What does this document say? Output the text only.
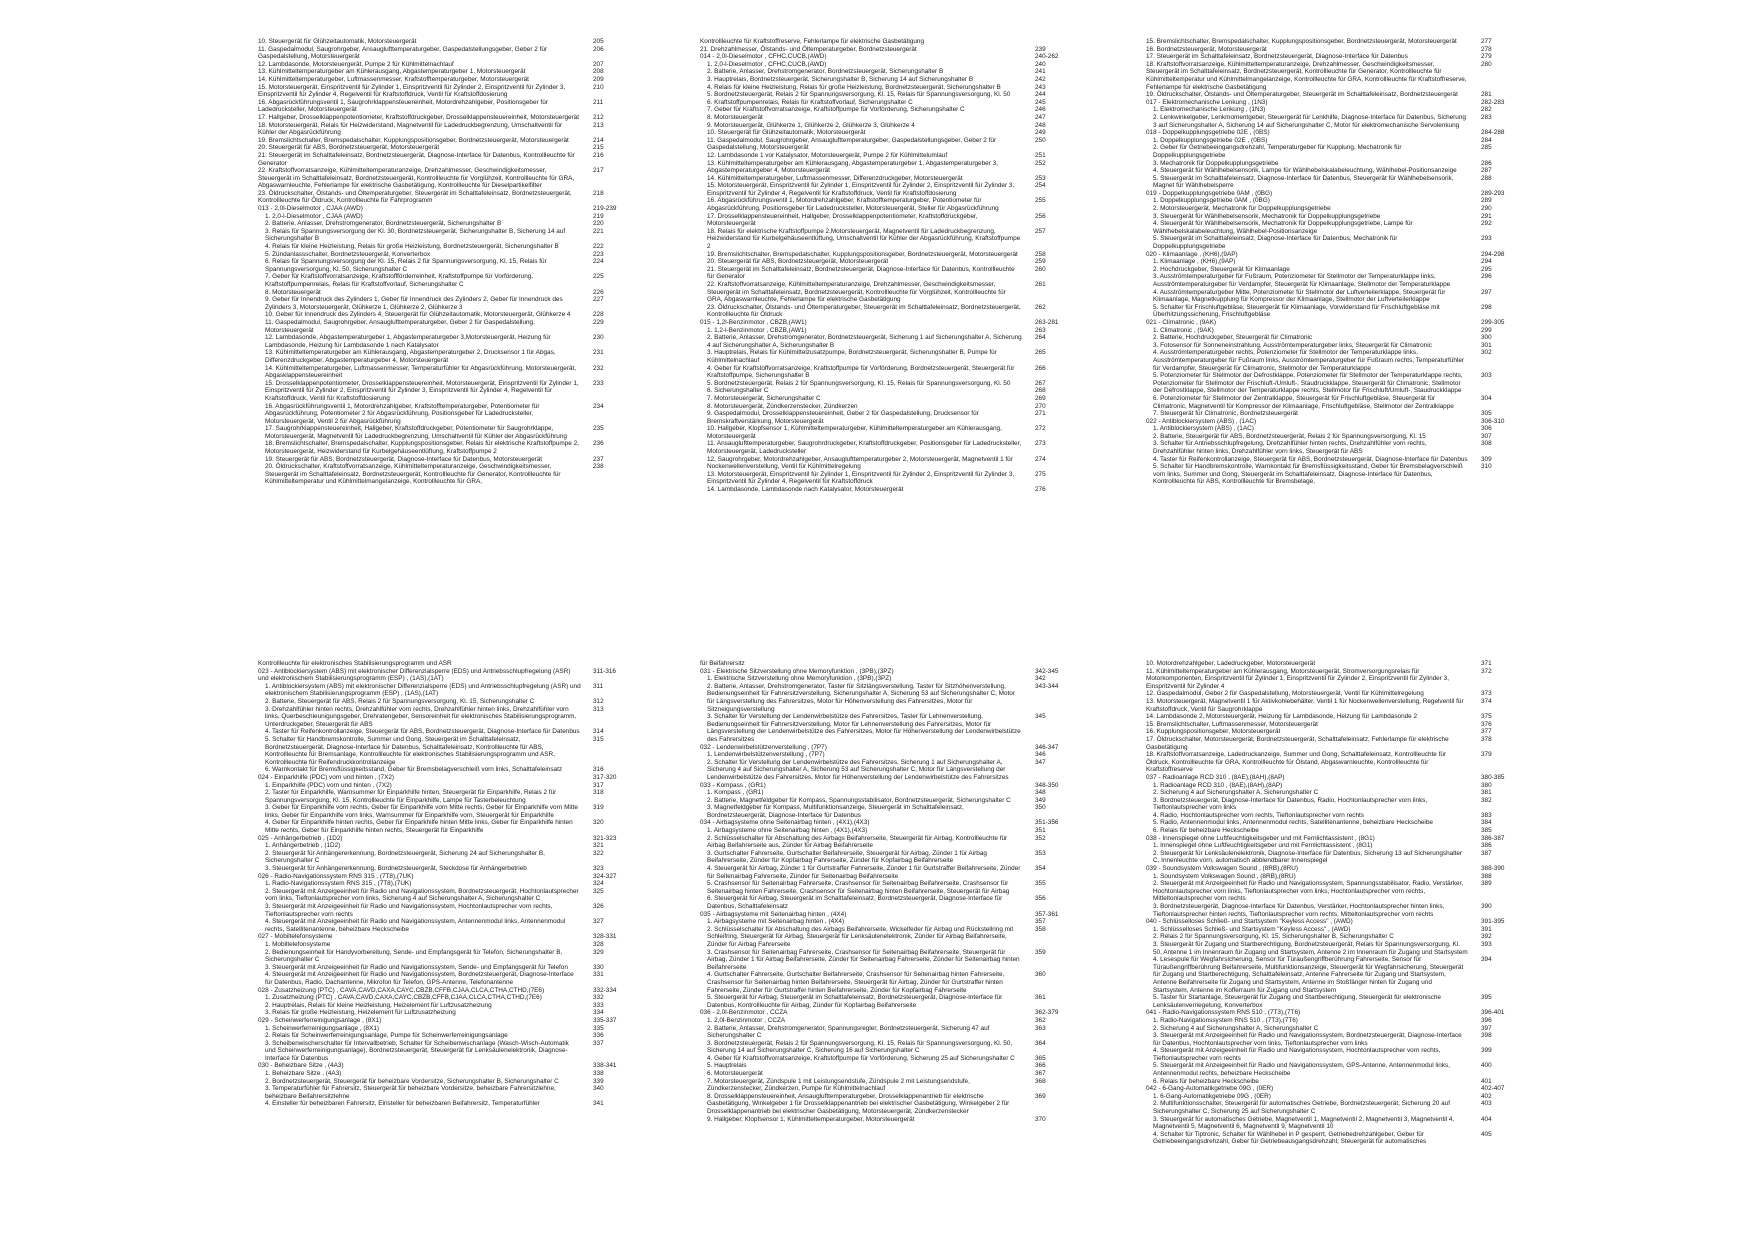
10. Steuergerät für Glühzeitautomatik, Motorsteuergerät	205
11. Gaspedalmodul, Saugrohrgeber, Ansauglufttemperaturgeber, Gaspedalstellungsgeber, Geber 2 für Gaspedalstellung, Motorsteuergerät
206
12. Lambdasonde, Motorsteuergerät, Pumpe 2 für Kühlmittelnachlauf	207
13. Kühlmitteltemperaturgeber am Kühlerausgang, Abgastemperaturgeber 1, Motorsteuergerät	208
14. Kühlmitteltemperaturgeber, Luftmassenmesser, Kraftstofftemperaturgeber, Motorsteuergerät	209
15. Motorsteuergerät, Einspritzventil für Zylinder 1, Einspritzventil für Zylinder 2, Einspritzventil für Zylinder 3, Einspritzventil für Zylinder 4, Regelventil für Kraftstoffdruck, Ventil für Kraftstoffdosierung
210
16. Abgasrückführungsventil 1, Saugrohrklappensteuereinheit, Motordrehzahlgeber, Positionsgeber für Ladedrucksteller, Motorsteuergerät
211
17. Hallgeber, Drosselklappenpotentiometer, Kraftstoffdruckgeber, Drosselklappensteuereinheit, Motorsteuergerät	212
18. Motorsteuergerät, Relais für Heizwiderstand, Magnetventil für Ladedruckbegrenzung, Umschaltventil für Kühler der Abgasrückführung
213
19. Bremslichtschalter, Bremspedalschalter, Kupplungspositionsgeber, Bordnetzsteuergerät, Motorsteuergerät	214
20. Steuergerät für ABS, Bordnetzsteuergerät, Motorsteuergerät	215
21. Steuergerät im Schalttafeleinsatz, Bordnetzsteuergerät, Diagnose-Interface für Datenbus, Kontrollleuchte für Generator
216
22. Kraftstoffvorratsanzeige, Kühlmitteltemperaturanzeige, Drehzahlmesser, Geschwindigkeitsmesser, Steuergerät im Schalttafeleinsatz, Bordnetzsteuergerät, Kontrollleuchte für Vorglühzeit, Kontrollleuchte für GRA, Abgaswarnleuchte, Fehlerlampe für elektrische Gasbetätigung, Kontrollleuchte für Dieselpartikelfilter
217
23. Öldruckschalter, Ölstands- und Öltemperaturgeber, Steuergerät im Schalttafeleinsatz, Bordnetzsteuergerät, Kontrollleuchte für Öldruck, Kontrollleuchte für Fahrprogramm
218
013 - 2,0l-Dieselmotor , CJAA (AWD)	219-239
1. 2,0-l-Dieselmotor , CJAA (AWD)	219
2. Batterie, Anlasser, Drehstromgenerator, Bordnetzsteuergerät, Sicherungshalter B	220
3. Relais für Spannungsversorgung der Kl. 30, Bordnetzsteuergerät, Sicherungshalter B, Sicherung 14 auf Sicherungshalter B
221
4. Relais für kleine Heizleistung, Relais für große Heizleistung, Bordnetzsteuergerät, Sicherungshalter B	222
5. Zündanlassschalter, Bordnetzsteuergerät, Konverterbox	223
6. Relais für Spannungsversorgung der Kl. 15, Relais 2 für Spannungsversorgung, Kl. 15, Relais für Spannungsversorgung, Kl. 50, Sicherungshalter C
224
7. Geber für Kraftstoffvorratsanzeige, Kraftstoffförderreinheit, Kraftstoffpumpe für Vorförderung, Kraftstoffpumpenrelais, Relais für Kraftstoffvorlauf, Sicherungshalter C
225
8. Motorsteuergerät	226
9. Geber für Innendruck des Zylinders 1, Geber für Innendruck des Zylinders 2, Geber für Innendruck des Zylinders 3, Motorsteuergerät, Glühkerze 1, Glühkerze 2, Glühkerze 3
227
10. Geber für Innendruck des Zylinders 4, Steuergerät für Glühzeitautomatik, Motorsteuergerät, Glühkerze 4	228
11. Gaspedalmodul, Saugrohrgeber, Ansauglufttemperaturgeber, Geber 2 für Gaspedalstellung, Motorsteuergerät
229
12. Lambdasonde, Abgastemperaturgeber 1, Abgastemperaturgeber 3,Motorsteuergerät, Heizung für Lambdasonde, Heizung für Lambdasonde 1 nach Katalysator
230
13. Kühlmitteltemperaturgeber am Kühlerausgang, Abgastemperaturgeber 2, Drucksensor 1 für Abgas, Differenzdruckgeber, Abgastemperaturgeber 4, Motorsteuergerät
231
14. Kühlmitteltemperaturgeber, Luftmassenmesser, Temperaturfühler für Abgasrückführung, Motorsteuergerät, Abgasklappensteuereinheit
232
15. Drosselklappenpotentiometer, Drosselklappensteuereinheit, Motorsteuergerät, Einspritzventil für Zylinder 1, Einspritzventil für Zylinder 2, Einspritzventil für Zylinder 3, Einspritzventil für Zylinder 4, Regelventil für Kraftstoffdruck, Ventil für Kraftstoffdosierung
233
16. Abgasrückführungsventil 1, Motordrehzahlgeber, Kraftstofftemperaturgeber, Potentiometer für Abgasrückführung, Potentiometer 2 für Abgasrückführung, Positionsgeber für Ladedrucksteller, Motorsteuergerät, Ventil 2 für Abgasrückführung
234
17. Saugrohrklappensteuereinheit, Hallgeber, Kraftstoffdruckgeber, Potentiometer für Saugrohrklappe, Motorsteuergerät, Magnetventil für Ladedruckbegrenzung, Umschaltventil für Kühler der Abgasrückführung
235
18. Bremslichtschalter, Bremspedalschalter, Kupplungspositionsgeber, Relais für elektrische Kraftstoffpumpe 2, Motorsteuergerät, Heizwiderstand für Kurbelgehäuseentlüftung, Kraftstoffpumpe 2
236
19. Steuergerät für ABS, Bordnetzsteuergerät, Diagnose-Interface für Datenbus, Motorsteuergerät	237
20. Öldruckschalter, Kraftstoffvorratsanzeige, Kühlmitteltemperaturanzeige, Geschwindigkeitsmesser, Steuergerät im Schalttafeleinsatz, Bordnetzsteuergerät, Kontrollleuchte für Generator, Kontrollleuchte für Kühlmitteltemperatur und Kühlmittelmangelanzeige, Kontrollleuchte für GRA,
238
Kontrollleuchte für Kraftstoffreserve, Fehlerlampe für elektrische Gasbetätigung
21. Drehzahlmesser, Ölstands- und Öltemperaturgeber, Bordnetzsteuergerät	239
014 - 2,0l-Dieselmotor , CFHC,CUCB,(AWD)	240-262
1. 2,0-l-Dieselmotor , CFHC,CUCB,(AWD)	240
2. Batterie, Anlasser, Drehstromgenerator, Bordnetzsteuergerät, Sicherungshalter B	241
3. Hauptrelais, Bordnetzsteuergerät, Sicherungshalter B, Sicherung 14 auf Sicherungshalter B	242
4. Relais für kleine Heizleistung, Relais für große Heizleistung, Bordnetzsteuergerät, Sicherungshalter B	243
5. Bordnetzsteuergerät, Relais 2 für Spannungsversorgung, Kl. 15, Relais für Spannungsversorgung, Kl. 50	244
6. Kraftstoffpumpenrelais, Relais für Kraftstoffvorlauf, Sicherungshalter C	245
7. Geber für Kraftstoffvorratsanzeige, Kraftstoffpumpe für Vorförderung, Sicherungshalter C	246
8. Motorsteuergerät	247
9. Motorsteuergerät, Glühkerze 1, Glühkerze 2, Glühkerze 3, Glühkerze 4	248
10. Steuergerät für Glühzeitautomatik, Motorsteuergerät	249
11. Gaspedalmodul, Saugrohrgeber, Ansauglufttemperaturgeber, Gaspedalstellungsgeber, Geber 2 für Gaspedalstellung, Motorsteuergerät
250
12. Lambdasonde 1 vor Katalysator, Motorsteuergerät, Pumpe 2 für Kühlmittelumlauf	251
13. Kühlmitteltemperaturgeber am Kühlerausgang, Abgastemperaturgeber 1, Abgastemperaturgeber 3, Abgastemperaturgeber 4, Motorsteuergerät
252
14. Kühlmitteltemperaturgeber, Luftmassenmesser, Differenzdruckgeber, Motorsteuergerät	253
15. Motorsteuergerät, Einspritzventil für Zylinder 1, Einspritzventil für Zylinder 2, Einspritzventil für Zylinder 3, Einspritzventil für Zylinder 4, Regelventil für Kraftstoffdruck, Ventil für Kraftstoffdosierung
254
16. Abgasrückführungsventil 1, Motordrehzahlgeber, Kraftstofftemperaturgeber, Potentiometer für Abgasrückführung, Positionsgeber für Ladedrucksteller, Motorsteuergerät, Steller für Abgasrückführung
255
17. Drosselklappensteuereinheit, Hallgeber, Drosselklappenpotentiometer, Kraftstoffdruckgeber, Motorsteuergerät
256
18. Relais für elektrische Kraftstoffpumpe 2,Motorsteuergerät, Magnetventil für Ladedruckbegrenzung, Heizwiderstand für Kurbelgehäuseentlüftung, Umschaltventil für Kühler der Abgasrückführung, Kraftstoffpumpe 2
257
19. Bremslichtschalter, Bremspedalschalter, Kupplungspositionsgeber, Bordnetzsteuergerät, Motorsteuergerät	258
20. Steuergerät für ABS, Bordnetzsteuergerät, Motorsteuergerät	259
21. Steuergerät im Schalttafeleinsatz, Bordnetzsteuergerät, Diagnose-Interface für Datenbus, Kontrollleuchte für Generator
260
22. Kraftstoffvorratsanzeige, Kühlmitteltemperaturanzeige, Drehzahlmesser, Geschwindigkeitsmesser, Steuergerät im Schalttafeleinsatz, Bordnetzsteuergerät, Kontrollleuchte für Vorglühzeit, Kontrollleuchte für GRA, Abgaswarnleuchte, Fehlerlampe für elektrische Gasbetätigung
261
23. Öldruckschalter, Ölstands- und Öltemperaturgeber, Steuergerät im Schalttafeleinsatz, Bordnetzsteuergerät, Kontrollleuchte für Öldruck
262
015 - 1,2l-Benzinmotor , CBZB,(AW1)	263-281
1. 1,2-l-Benzinmotor , CBZB,(AW1)	263
2. Batterie, Anlasser, Drehstromgenerator, Bordnetzsteuergerät, Sicherung 1 auf Sicherungshalter A, Sicherung 4 auf Sicherungshalter A, Sicherungshalter B
264
3. Hauptrelais, Relais für Kühlmittelzusatzpumpe, Bordnetzsteuergerät, Sicherungshalter B, Pumpe für Kühlmittelnachlauf
265
4. Geber für Kraftstoffvorratsanzeige, Kraftstoffpumpe für Vorförderung, Bordnetzsteuergerät, Steuergerät für Kraftstoffpumpe, Sicherungshalter B
266
5. Bordnetzsteuergerät, Relais 2 für Spannungsversorgung, Kl. 15, Relais für Spannungsversorgung, Kl. 50	267
6. Sicherungshalter C	268
7. Motorsteuergerät, Sicherungshalter C	269
8. Motorsteuergerät, Zündkerzenstecker, Zündkerzen	270
9. Gaspedalmodul, Drosselklappensteuereinheit, Geber 2 für Gaspedalstellung, Drucksensor für Bremskraftverstärkung, Motorsteuergerät
271
10. Hallgeber, Klopfsensor 1, Kühlmitteltemperaturgeber, Kühlmitteltemperaturgeber am Kühlerausgang, Motorsteuergerät
272
11. Ansauglufttemperaturgeber, Saugrohrdruckgeber, Kraftstoffdruckgeber, Positionsgeber für Ladedrucksteller, Motorsteuergerät, Ladedrucksteller
273
12. Saugrohrgeber, Motordrehzahlgeber, Ansauglufttemperaturgeber 2, Motorsteuergerät, Magnetventil 1 für Nockenwellenverstellung, Ventil für Kühlmittelregelung
274
13. Motorsteuergerät, Einspritzventil für Zylinder 1, Einspritzventil für Zylinder 2, Einspritzventil für Zylinder 3, Einspritzventil für Zylinder 4, Regelventil für Kraftstoffdruck
275
14. Lambdasonde, Lambdasonde nach Katalysator, Motorsteuergerät	276
15. Bremslichtschalter, Bremspedalschalter, Kupplungspositionsgeber, Bordnetzsteuergerät, Motorsteuergerät	277
16. Bordnetzsteuergerät, Motorsteuergerät	278
17. Steuergerät im Schalttafeleinsatz, Bordnetzsteuergerät, Diagnose-Interface für Datenbus	279
18. Kraftstoffvorratsanzeige, Kühlmitteltemperaturanzeige, Drehzahlmesser, Geschwindigkeitsmesser, Steuergerät im Schalttafeleinsatz, Bordnetzsteuergerät, Kontrollleuchte für Generator, Kontrollleuchte für Kühlmitteltemperatur und Kühlmittelmangelanzeige, Kontrollleuchte für GRA, Kontrollleuchte für Kraftstoffreserve, Fehlerlampe für elektrische Gasbetätigung
280
19. Öldruckschalter, Ölstands- und Öltemperaturgeber, Steuergerät im Schalttafeleinsatz, Bordnetzsteuergerät	281
017 - Elektromechanische Lenkung , (1N3)	282-283
1. Elektromechanische Lenkung , (1N3)	282
2. Lenkwinkelgeber, Lenkmomentgeber, Steuergerät für Lenkhilfe, Diagnose-Interface für Datenbus, Sicherung 3 auf Sicherungshalter A, Sicherung 14 auf Sicherungshalter C, Motor für elektromechanische Servolenkung
283
018 - Doppelkupplungsgetriebe 02E , (0BS)	284-288
1. Doppelkupplungsgetriebe 02E , (0BS)	284
2. Geber für Getriebeeingangsdrehzahl, Temperaturgeber für Kupplung, Mechatronik für Doppelkupplungsgetriebe
285
3. Mechatronik für Doppelkupplungsgetriebe	286
4. Steuergerät für Wählhebelsensorik, Lampe für Wählhebelskalabeleuchtung, Wählhebel-Positionsanzeige	287
5. Steuergerät im Schalttafeleinsatz, Diagnose-Interface für Datenbus, Steuergerät für Wählhebelsensorik, Magnet für Wählhebelsperre
288
019 - Doppelkupplungsgetriebe 0AM , (0BG)	289-293
1. Doppelkupplungsgetriebe 0AM , (0BG)	289
2. Motorsteuergerät, Mechatronik für Doppelkupplungsgetriebe	290
3. Steuergerät für Wählhebelsensorik, Mechatronik für Doppelkupplungsgetriebe	291
4. Steuergerät für Wählhebelsensorik, Mechatronik für Doppelkupplungsgetriebe, Lampe für Wählhebelskalabeleuchtung, Wählhebel-Positionsanzeige
292
5. Steuergerät im Schalttafeleinsatz, Diagnose-Interface für Datenbus, Mechatronik für Doppelkupplungsgetriebe
293
020 - Klimaanlage , (KH6),(9AP)	294-298
1. Klimaanlage , (KH6),(9AP)	294
2. Hochdruckgeber, Steuergerät für Klimaanlage	295
3. Ausströmtemperaturgeber für Fußraum, Potenziometer für Stellmotor der Temperaturklappe links, Ausströmtemperaturgeber für Verdampfer, Steuergerät für Klimaanlage, Stellmotor der Temperaturklappe
296
4. Ausströmtemperaturgeber Mitte, Potenziometer für Stellmotor der Luftverteilerklappe, Steuergerät für Klimaanlage, Magnetkupplung für Kompressor der Klimaanlage, Stellmotor der Luftverteilerklappe
297
5. Schalter für Frischluftgebläse, Steuergerät für Klimaanlage, Vorwiderstand für Frischluftgebläse mit Überhitzungssicherung, Frischluftgebläse
298
021 - Climatronic , (9AK)	299-305
1. Climatronic , (9AK)	299
2. Batterie, Hochdruckgeber, Steuergerät für Climatronic	300
3. Fotosensor für Sonneneinstrahlung, Ausströmtemperaturgeber links, Steuergerät für Climatronic	301
4. Ausströmtemperaturgeber rechts, Potenziometer für Stellmotor der Temperaturklappe links, Ausströmtemperaturgeber für Fußraum links, Ausströmtemperaturgeber für Fußraum rechts, Temperaturfühler für Verdampfer, Steuergerät für Climatronic, Stellmotor der Temperaturklappe
302
5. Potenziometer für Stellmotor der Defrostklappe, Potenziometer für Stellmotor der Temperaturklappe rechts, Potenziometer für Stellmotor der Frischluft-/Umluft-, Staudruckklappe, Steuergerät für Climatronic, Stellmotor der Defrostklappe, Stellmotor der Temperaturklappe rechts, Stellmotor für Frischluft/Umluft-, Staudruckklappe
303
6. Potenziometer für Stellmotor der Zentralklappe, Steuergerät für Frischluftgebläse, Steuergerät für Climatronic, Magnetventil für Kompressor der Klimaanlage, Frischluftgebläse, Stellmotor der Zentralklappe
304
7. Steuergerät für Climatronic, Bordnetzsteuergerät	305
022 - Antiblockiersystem (ABS) , (1AC)	306-310
1. Antiblockiersystem (ABS) , (1AC)	306
2. Batterie, Steuergerät für ABS, Bordnetzsteuergerät, Relais 2 für Spannungsversorgung, Kl. 15	307
3. Schalter für Antriebsschlupfregelung, Drehzahlfühler hinten rechts, Drehzahlfühler vorn rechts, Drehzahlfühler hinten links, Drehzahlfühler vorn links, Steuergerät für ABS
308
4. Taster für Reifenkontrollanzeige, Steuergerät für ABS, Bordnetzsteuergerät, Diagnose-Interface für Datenbus 309
5. Schalter für Handbremskontrolle, Warnkontakt für Bremsflüssigkeitsstand, Geber für Bremsbelagverschleiß vorn links, Summer und Gong, Steuergerät im Schalttafeleinsatz, Diagnose-Interface für Datenbus, Kontrollleuchte für ABS, Kontrollleuchte für Bremsbelage,
310
Kontrollleuchte für elektronisches Stabilisierungsprogramm und ASR
023 - Antiblockiersystem (ABS) mit elektronischer Differenzialsperre (EDS) und Antriebsschlupfregelung (ASR) und elektronischem Stabilisierungsprogramm (ESP) , (1AS),(1AT)
311-316
1. Antiblockiersystem (ABS) mit elektronischer Differenzialsperre (EDS) und Antriebsschlupfregelung (ASR) und elektronischem Stabilisierungsprogramm (ESP) , (1AS),(1AT)
311
2. Batterie, Steuergerät für ABS, Relais 2 für Spannungsversorgung, Kl. 15, Sicherungshalter C	312
3. Drehzahlfühler hinten rechts, Drehzahlfühler vorn rechts, Drehzahlfühler hinten links, Drehzahlfühler vorn links, Querbeschleunigungsgeber, Drehratengeber, Sensoreinheit für elektronisches Stabilisierungsprogramm, Unterdruckgeber, Steuergerät für ABS
313
4. Taster für Reifenkontrollanzeige, Steuergerät für ABS, Bordnetzsteuergerät, Diagnose-Interface für Datenbus 314
5. Schalter für Handbremskontrolle, Summer und Gong, Steuergerät im Schalttafeleinsatz, Bordnetzsteuergerät, Diagnose-Interface für Datenbus, Schalttafeleinsatz, Kontrollleuchte für ABS, Kontrollleuchte für Bremsanlage, Kontrollleuchte für elektronisches Stabilisierungsprogramm und ASR, Kontrollleuchte für Reifendruckkontrollanzeige
315
6. Warnkontakt für Bremsflüssigkeitsstand, Geber für Bremsbelagverschleiß vorn links, Schalttafeleinsatz	316
024 - Einparkhilfe (PDC) vorn und hinten , (7X2)	317-320
1. Einparkhilfe (PDC) vorn und hinten , (7X2)	317
2. Taster für Einparkhilfe, Warnsummer für Einparkhilfe hinten, Steuergerät für Einparkhilfe, Relais 2 für Spannungsversorgung, Kl. 15, Kontrollleuchte für Einparkhilfe, Lampe für Tasterbeleuchtung
318
3. Geber für Einparkhilfe vorn rechts, Geber für Einparkhilfe vorn Mitte rechts, Geber für Einparkhilfe vorn Mitte links, Geber für Einparkhilfe vorn links, Warnsummer für Einparkhilfe vorn, Steuergerät für Einparkhilfe
319
4. Geber für Einparkhilfe hinten rechts, Geber für Einparkhilfe hinten Mitte links, Geber für Einparkhilfe hinten Mitte rechts, Geber für Einparkhilfe hinten rechts, Steuergerät für Einparkhilfe
320
025 - Anhängerbetrieb , (1D2)	321-323
1. Anhängerbetrieb , (1D2)	321
2. Steuergerät für Anhängererkennung, Bordnetzsteuergerät, Sicherung 24 auf Sicherungshalter B, Sicherungshalter C
322
3. Steuergerät für Anhängererkennung, Bordnetzsteuergerät, Steckdose für Anhängerbetrieb	323
026 - Radio-Navigationssystem RNS 315 , (7T8),(7UK)	324-327
1. Radio-Navigationssystem RNS 315 , (7T8),(7UK)	324
2. Steuergerät mit Anzeigeeinheit für Radio und Navigationssystem, Bordnetzsteuergerät, Hochtonlautsprecher vorn links, Tieftonlautsprecher vorn links, Sicherung 4 auf Sicherungshalter A, Sicherungshalter C
325
3. Steuergerät mit Anzeigeeinheit für Radio und Navigationssystem, Hochtonlautsprecher vorn rechts, Tieftonlautsprecher vorn rechts
326
4. Steuergerät mit Anzeigeeinheit für Radio und Navigationssystem, Antennenmodul links, Antennenmodul rechts, Satellitenantenne, beheizbare Heckscheibe
327
027 - Mobiltelefonsysteme	328-331
1. Mobiltelefonsysteme	328
2. Bedienungseinheit für Handyvorbereitung, Sende- und Empfangsgerät für Telefon, Sicherungshalter B, Sicherungshalter C
329
3. Steuergerät mit Anzeigeeinheit für Radio und Navigationssystem, Sende- und Empfangsgerät für Telefon	330
4. Steuergerät mit Anzeigeeinheit für Radio und Navigationssystem, Bordnetzsteuergerät, Diagnose-Interface für Datenbus, Radio, Dachantenne, Mikrofon für Telefon, GPS-Antenne, Telefonantenne
331
028 - Zusatzheizung (PTC) , CAVA,CAVD,CAXA,CAYC,CBZB,CFFB,CJAA,CLCA,CTHA,CTHD,(7E6)	332-334
1. Zusatzheizung (PTC) , CAVA,CAVD,CAXA,CAYC,CBZB,CFFB,CJAA,CLCA,CTHA,CTHD,(7E6)	332
2. Hauptrelais, Relais für kleine Heizleistung, Heizelement für Luftzusatzheizung	333
3. Relais für große Heizleistung, Heizelement für Luftzusatzheizung	334
029 - Scheinwerferreinigungsanlage , (8X1)	335-337
1. Scheinwerferreinigungsanlage , (8X1)	335
2. Relais für Scheinwerferreinigungsanlage, Pumpe für Scheinwerferreinigungsanlage	336
3. Scheibenwischerschalter für Intervallbetrieb, Schalter für Scheibenwischanlage (Wasch-Wisch-Automatik und Scheinwerferreinigungsanlage), Bordnetzsteuergerät, Steuergerät für Lenksäulenelektronik, Diagnose-Interface für Datenbus
337
030 - Beheizbare Sitze , (4A3)	338-341
1. Beheizbare Sitze , (4A3)	338
2. Bordnetzsteuergerät, Steuergerät für beheizbare Vordersitze, Sicherungshalter B, Sicherungshalter C	339
3. Temperaturfühler für Fahrersitz, Steuergerät für beheizbare Vordersitze, beheizbare Fahrersitzlehne, beheizbare Beifahrersitzlehne
340
4. Einsteller für beheizbaren Fahrersitz, Einsteller für beheizbaren Beifahrersitz, Temperaturfühler	341
für Beifahrersitz
031 - Elektrische Sitzverstellung ohne Memoryfunktion , (3PB),(3PZ)	342-345
1. Elektrische Sitzverstellung ohne Memoryfunktion , (3PB),(3PZ)	342
2. Batterie, Anlasser, Drehstromgenerator, Taster für Sitzlängsverstellung, Taster für Sitzhöhenverstellung, Bedienungseinheit für Fahrersitzverstellung, Sicherungshalter A, Sicherung 53 auf Sicherungshalter C, Motor für Längsverstellung des Fahrersitzes, Motor für Höhenverstellung des Fahrersitzes, Motor für Sitzneigungsverstellung
343-344
3. Schalter für Verstellung der Lendenwirbelstütze des Fahrersitzes, Taster für Lehnenverstellung, Bedienungseinheit für Fahrersitzverstellung, Motor für Lehnenverstellung des Fahrersitzes, Motor für Längsverstellung der Lendenwirbelstütze des Fahrersitzes, Motor für Höhenverstellung der Lendenwirbelstütze des Fahrersitzes
345
032 - Lendenwirbelstützenverstellung , (7P7)	346-347
1. Lendenwirbelstützenverstellung , (7P7)	346
2. Schalter für Verstellung der Lendenwirbelstütze des Fahrersitzes, Sicherung 1 auf Sicherungshalter A, Sicherung 4 auf Sicherungshalter A, Sicherung 53 auf Sicherungshalter C, Motor für Längsverstellung der Lendenwirbelstütze des Fahrersitzes, Motor für Höhenverstellung der Lendenwirbelstütze des Fahrersitzes
347
033 - Kompass , (GR1)	348-350
1. Kompass , (GR1)	348
2. Batterie, Magnetfeldgeber für Kompass, Spannungsstabilisator, Bordnetzsteuergerät, Sicherungshalter C	349
3. Magnetfeldgeber für Kompass, Multifunktionsanzeige, Steuergerät im Schalttafeleinsatz, Bordnetzsteuergerät, Diagnose-Interface für Datenbus
350
034 - Airbagsysteme ohne Seitenairbag hinten , (4X1),(4X3)	351-356
1. Airbagsysteme ohne Seitenairbag hinten , (4X1),(4X3)	351
2. Schlüsselschalter für Abschaltung des Airbags Beifahrerseite, Steuergerät für Airbag, Kontrollleuchte für Airbag Beifahrerseite aus, Zünder für Airbag Beifahrerseite
352
3. Gurtschalter Fahrerseite, Gurtschalter Beifahrerseite, Steuergerät für Airbag, Zünder 1 für Airbag Beifahrerseite, Zünder für Kopfairbag Fahrerseite, Zünder für Kopfairbag Beifahrerseite
353
4. Steuergerät für Airbag, Zünder 1 für Gurtstraffer Fahrerseite, Zünder 1 für Gurtstraffer Beifahrerseite, Zünder für Seitenairbag Fahrerseite, Zünder für Seitenairbag Beifahrerseite
354
5. Crashsensor für Seitenairbag Fahrerseite, Crashsensor für Seitenairbag Beifahrerseite, Crashsensor für Seitenairbag hinten Fahrerseite, Crashsensor für Seitenairbag hinten Beifahrerseite, Steuergerät für Airbag
355
6. Steuergerät für Airbag, Steuergerät im Schalttafeleinsatz, Bordnetzsteuergerät, Diagnose-Interface für Datenbus, Schalttafeleinsatz
356
035 - Airbagsysteme mit Seitenairbag hinten , (4X4)	357-361
1. Airbagsysteme mit Seitenairbag hinten , (4X4)	357
2. Schlüsselschalter für Abschaltung des Airbags Beifahrerseite, Wickelfeder für Airbag und Rückstellring mit Schleifring, Steuergerät für Airbag, Steuergerät für Lenksäulenelektronik, Zünder für Airbag Beifahrerseite, Zünder für Airbag Fahrerseite
358
3. Crashsensor für Seitenairbag Fahrerseite, Crashsensor für Seitenairbag Beifahrerseite, Steuergerät für Airbag, Zünder 1 für Airbag Beifahrerseite, Zünder für Seitenairbag Fahrerseite, Zünder für Seitenairbag hinten Beifahrerseite
359
4. Gurtschalter Fahrerseite, Gurtschalter Beifahrerseite, Crashsensor für Seitenairbag hinten Fahrerseite, Crashsensor für Seitenairbag hinten Beifahrerseite, Steuergerät für Airbag, Zünder für Gurtstraffer hinten Fahrerseite, Zünder für Gurtstraffer hinten Beifahrerseite, Zünder für Kopfairbag Fahrerseite
360
5. Steuergerät für Airbag, Steuergerät im Schalttafeleinsatz, Bordnetzsteuergerät, Diagnose-Interface für Datenbus, Kontrollleuchte für Airbag, Zünder für Kopfairbag Beifahrerseite
361
036 - 2,0l-Benzinmotor , CCZA	362-379
1. 2,0l-Benzinmotor , CCZA	362
2. Batterie, Anlasser, Drehstromgenerator, Spannungsregler, Bordnetzsteuergerät, Sicherung 47 auf Sicherungshalter C
363
3. Bordnetzsteuergerät, Relais 2 für Spannungsversorgung, Kl. 15, Relais für Spannungsversorgung, Kl. 50, Sicherung 14 auf Sicherungshalter C, Sicherung 16 auf Sicherungshalter C
364
4. Geber für Kraftstoffvorratsanzeige, Kraftstoffpumpe für Vorförderung, Sicherung 25 auf Sicherungshalter C	365
5. Hauptrelais	366
6. Motorsteuergerät	367
7. Motorsteuergerät, Zündspule 1 mit Leistungsendstufe, Zündspule 2 mit Leistungsendstufe, Zündkerzenstecker, Zündkerzen, Pumpe für Kühlmittelnachlauf
368
8. Drosselklappensteuereinheit, Ansauglufttemperaturgeber, Drosselklappenantrieb für elektrische Gasbetätigung, Winkelgeber 1 für Drosselklappenantrieb bei elektrischer Gasbetätigung, Winkelgeber 2 für Drosselklappenantrieb bei elektrischer Gasbetätigung, Motorsteuergerät, Zündkerzenstecker
369
9. Hallgeber, Klopfsensor 1, Kühlmitteltemperaturgeber, Motorsteuergerät	370
10. Motordrehzahlgeber, Ladedruckgeber, Motorsteuergerät	371
11. Kühlmitteltemperaturgeber am Kühlerausgang, Motorsteuergerät, Stromversorgungsrelais für Motorkomponenten, Einspritzventil für Zylinder 1, Einspritzventil für Zylinder 2, Einspritzventil für Zylinder 3, Einspritzventil für Zylinder 4
372
12. Gaspedalmodul, Geber 2 für Gaspedalstellung, Motorsteuergerät, Ventil für Kühlmittelregelung	373
13. Motorsteuergerät, Magnetventil 1 für Aktivkohlebehälter, Ventil 1 für Nockenwellenverstellung, Regelventil für Kraftstoffdruck, Ventil für Saugrohrklappe
374
14. Lambdasonde 2, Motorsteuergerät, Heizung für Lambdasonde, Heizung für Lambdasonde 2	375
15. Bremslichtschalter, Luftmassenmesser, Motorsteuergerät	376
16. Kupplungspositionsgeber, Motorsteuergerät	377
17. Öldruckschalter, Motorsteuergerät, Bordnetzsteuergerät, Schalttafeleinsatz, Fehlerlampe für elektrische Gasbetätigung
378
18. Kraftstoffvorratsanzeige, Ladedruckanzeige, Summer und Gong, Schalttafeleinsatz, Kontrollleuchte für Öldruck, Kontrollleuchte für GRA, Kontrollleuchte für Ölstand, Abgaswarnleuchte, Kontrollleuchte für Kraftstoffreserve
379
037 - Radioanlage RCD 310 , (8AE),(8AH),(8AP)	380-385
1. Radioanlage RCD 310 , (8AE),(8AH),(8AP)	380
2. Sicherung 4 auf Sicherungshalter A, Sicherungshalter C	381
3. Bordnetzsteuergerät, Diagnose-Interface für Datenbus, Radio, Hochtonlautsprecher vorn links, Tieftonlautsprecher vorn links
382
4. Radio, Hochtonlautsprecher vorn rechts, Tieftonlautsprecher vorn rechts	383
5. Radio, Antennenmodul links, Antennenmodul rechts, Satellitenantenne, beheizbare Heckscheibe	384
6. Relais für beheizbare Heckscheibe	385
038 - Innenspiegel ohne Luftfeuchtigkeitsgeber und mit Fernlichtassistent , (8G1)	386-387
1. Innenspiegel ohne Luftfeuchtigkeitsgeber und mit Fernlichtassistent , (8G1)	386
2. Steuergerät für Lenksäulenelektronik, Diagnose-Interface für Datenbus, Sicherung 13 auf Sicherungshalter C, Innenleuchte vorn, automatisch abblendbarer Innenspiegel
387
039 - Soundsystem Volkswagen Sound , (8RB),(8RU)	388-390
1. Soundsystem Volkswagen Sound , (8RB),(8RU)	388
2. Steuergerät mit Anzeigeeinheit für Radio und Navigationssystem, Spannungsstabilisator, Radio, Verstärker, Hochtonlautsprecher vorn links, Tieftonlautsprecher vorn links, Hochtonlautsprecher vorn rechts, Mitteltonlautsprecher vorn rechts
389
3. Bordnetzsteuergerät, Diagnose-Interface für Datenbus, Verstärker, Hochtonlautsprecher hinten links, Tieftonlautsprecher hinten rechts, Tieftonlautsprecher vorn rechts, Mitteltonlautsprecher vorn rechts
390
040 - Schlüsselloses Schließ- und Startsystem "Keyless Access" , (AWD)	391-395
1. Schlüsselloses Schließ- und Startsystem "Keyless Access" , (AWD)	391
2. Relais 2 für Spannungsversorgung, Kl. 15, Sicherungshalter B, Sicherungshalter C	392
3. Steuergerät für Zugang und Startberechtigung, Bordnetzsteuergerät, Relais für Spannungsversorgung, Kl. 50, Antenne 1 im Innenraum für Zugang und Startsystem, Antenne 2 im Innenraum für Zugang und Startsystem
393
4. Lesespule für Wegfahrsicherung, Sensor für Türaußengriffberührung Fahrerseite, Sensor für Türaußengriffberührung Beifahrerseite, Multifunktionsanzeige, Steuergerät für Wegfahrsicherung, Steuergerät für Zugang und Startberechtigung, Schalttafeleinsatz, Antenne Fahrerseite für Zugang und Startsystem, Antenne Beifahrerseite für Zugang und Startsystem, Antenne im Stoßfänger hinten für Zugang und Startsystem, Antenne im Kofferraum für Zugang und Startsystem
394
5. Taster für Startanlage, Steuergerät für Zugang und Startberechtigung, Steuergerät für elektronische Lenksäulenverriegelung, Konverterbox
395
041 - Radio-Navigationssystem RNS 510 , (7T3),(7T6)	396-401
1. Radio-Navigationssystem RNS 510 , (7T3),(7T6)	396
2. Sicherung 4 auf Sicherungshalter A, Sicherungshalter C	397
3. Steuergerät mit Anzeigeeinheit für Radio und Navigationssystem, Bordnetzsteuergerät, Diagnose-Interface für Datenbus, Hochtonlautsprecher vorn links, Tieftonlautsprecher vorn links
398
4. Steuergerät mit Anzeigeeinheit für Radio und Navigationssystem, Hochtonlautsprecher vorn rechts, Tieftonlautsprecher vorn rechts
399
5. Steuergerät mit Anzeigeeinheit für Radio und Navigationssystem, GPS-Antenne, Antennenmodul links, Antennenmodul rechts, beheizbare Heckscheibe
400
6. Relais für beheizbare Heckscheibe	401
042 - 6-Gang-Automatikgetriebe 09G , (0ER)	402-407
1. 6-Gang-Automatikgetriebe 09G , (0ER)	402
2. Multifunktionsschalter, Steuergerät für automatisches Getriebe, Bordnetzsteuergerät, Sicherung 20 auf Sicherungshalter C, Sicherung 25 auf Sicherungshalter C
403
3. Steuergerät für automatisches Getriebe, Magnetventil 1, Magnetventil 2, Magnetventil 3, Magnetventil 4, Magnetventil 5, Magnetventil 6, Magnetventil 9, Magnetventil 10
404
4. Schalter für Tiptronic, Schalter für Wählhebel in P gesperrt, Getriebedrehzahlgeber, Geber für Getriebeeingangsdrehzahl, Geber für Getriebeausgangsdrehzahl, Steuergerät für automatisches
405
